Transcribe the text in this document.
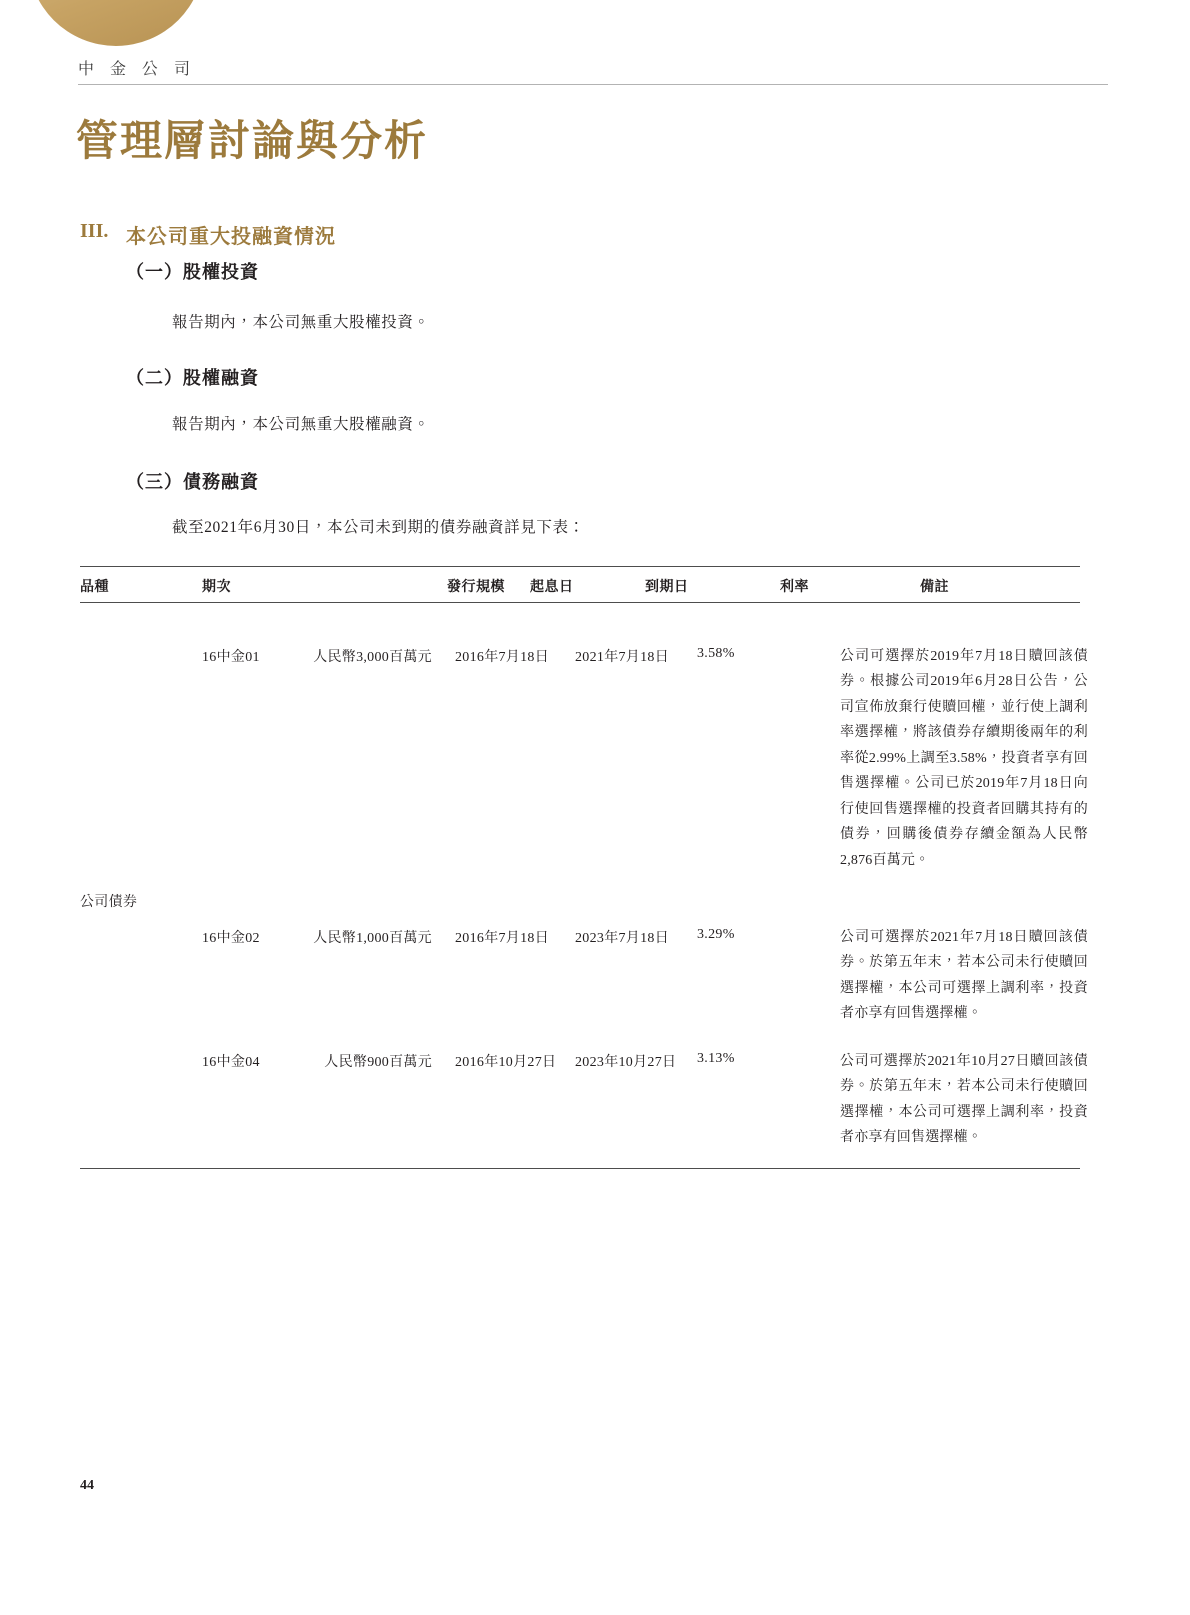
中 金 公 司
管理層討論與分析
III. 本公司重大投融資情況
（一）股權投資
報告期內，本公司無重大股權投資。
（二）股權融資
報告期內，本公司無重大股權融資。
（三）債務融資
截至2021年6月30日，本公司未到期的債券融資詳見下表：
品種	期次	發行規模 起息日	到期日	利率	備註
公司債券
16中金01	人民幣3,000百萬元 2016年7月18日 2021年7月18日 3.58%	公司可選擇於2019年7月18日贖回該債券。根據公司2019年6月28日公告，公司宣佈放棄行使贖回權，並行使上調利率選擇權，將該債券存續期後兩年的利率從2.99%上調至3.58%，投資者享有回售選擇權。公司已於2019年7月18日向行使回售選擇權的投資者回購其持有的債券，回購後債券存續金額為人民幣2,876百萬元。
16中金02	人民幣1,000百萬元 2016年7月18日 2023年7月18日 3.29%	公司可選擇於2021年7月18日贖回該債券。於第五年末，若本公司未行使贖回選擇權，本公司可選擇上調利率，投資者亦享有回售選擇權。
16中金04	人民幣900百萬元 2016年10月27日 2023年10月27日 3.13%	公司可選擇於2021年10月27日贖回該債券。於第五年末，若本公司未行使贖回選擇權，本公司可選擇上調利率，投資者亦享有回售選擇權。
44
